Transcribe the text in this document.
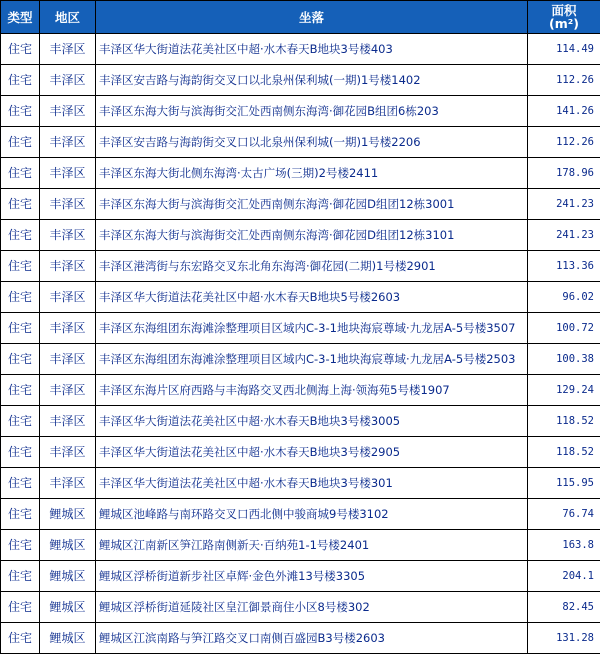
类型	地区	坐落	面积
(m²)
住宅	丰泽区	丰泽区华大街道法花美社区中超·水木春天B地块3号楼403	114.49
住宅	丰泽区	丰泽区安吉路与海韵街交叉口以北泉州保利城(一期)1号楼1402	112.26
住宅	丰泽区	丰泽区东海大街与滨海街交汇处西南侧东海湾·御花园B组团6栋203	141.26
住宅	丰泽区	丰泽区安吉路与海韵街交叉口以北泉州保利城(一期)1号楼2206	112.26
住宅	丰泽区	丰泽区东海大街北侧东海湾·太古广场(三期)2号楼2411	178.96
住宅	丰泽区	丰泽区东海大街与滨海街交汇处西南侧东海湾·御花园D组团12栋3001	241.23
住宅	丰泽区	丰泽区东海大街与滨海街交汇处西南侧东海湾·御花园D组团12栋3101	241.23
住宅	丰泽区	丰泽区港湾街与东宏路交叉东北角东海湾·御花园(二期)1号楼2901	113.36
住宅	丰泽区	丰泽区华大街道法花美社区中超·水木春天B地块5号楼2603	96.02
住宅	丰泽区	丰泽区东海组团东海滩涂整理项目区域内C-3-1地块海宸尊域·九龙居A-5号楼3507	100.72
住宅	丰泽区	丰泽区东海组团东海滩涂整理项目区域内C-3-1地块海宸尊域·九龙居A-5号楼2503	100.38
住宅	丰泽区	丰泽区东海片区府西路与丰海路交叉西北侧海上海·领海苑5号楼1907	129.24
住宅	丰泽区	丰泽区华大街道法花美社区中超·水木春天B地块3号楼3005	118.52
住宅	丰泽区	丰泽区华大街道法花美社区中超·水木春天B地块3号楼2905	118.52
住宅	丰泽区	丰泽区华大街道法花美社区中超·水木春天B地块3号楼301	115.95
住宅	鲤城区	鲤城区池峰路与南环路交叉口西北侧中骏商城9号楼3102	76.74
住宅	鲤城区	鲤城区江南新区笋江路南侧新天·百纳苑1-1号楼2401	163.8
住宅	鲤城区	鲤城区浮桥街道新步社区卓辉·金色外滩13号楼3305	204.1
住宅	鲤城区	鲤城区浮桥街道延陵社区皇江御景商住小区8号楼302	82.45
住宅	鲤城区	鲤城区江滨南路与笋江路交叉口南侧百盛园B3号楼2603	131.28
